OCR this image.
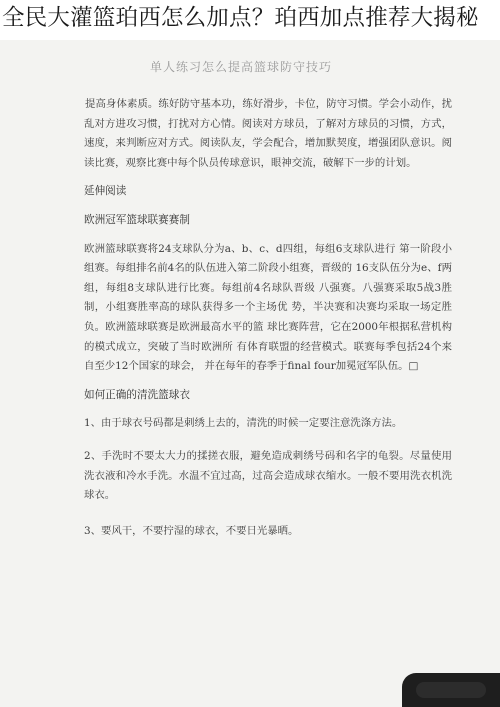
全民大灌篮珀西怎么加点？珀西加点推荐大揭秘
单人练习怎么提高篮球防守技巧

提高身体素质。练好防守基本功，练好滑步，卡位，防守习惯。学会小动作，扰乱对方进攻习惯，打扰对方心情。阅读对方球员，了解对方球员的习惯，方式，速度，来判断应对方式。阅读队友，学会配合，增加默契度，增强团队意识。阅读比赛，观察比赛中每个队员传球意识，眼神交流，破解下一步的计划。

延伸阅读
欧洲冠军篮球联赛赛制

欧洲篮球联赛将24支球队分为a、b、c、d四组，每组6支球队进行 第一阶段小组赛。每组排名前4名的队伍进入第二阶段小组赛，晋级的 16支队伍分为e、f两组，每组8支球队进行比赛。每组前4名球队晋级 八强赛。八强赛采取5战3胜制，小组赛胜率高的球队获得多一个主场优 势，半决赛和决赛均采取一场定胜负。欧洲篮球联赛是欧洲最高水平的篮 球比赛阵营，它在2000年根据私营机构的模式成立，突破了当时欧洲所 有体育联盟的经营模式。联赛每季包括24个来自至少12个国家的球会， 并在每年的春季于final four加冕冠军队伍。□

如何正确的清洗篮球衣

1、由于球衣号码都是刺绣上去的，清洗的时候一定要注意洗涤方法。

2、手洗时不要太大力的揉搓衣服，避免造成刺绣号码和名字的龟裂。尽量使用洗衣液和冷水手洗。水温不宜过高，过高会造成球衣缩水。一般不要用洗衣机洗球衣。

3、要风干，不要拧湿的球衣，不要日光暴晒。
